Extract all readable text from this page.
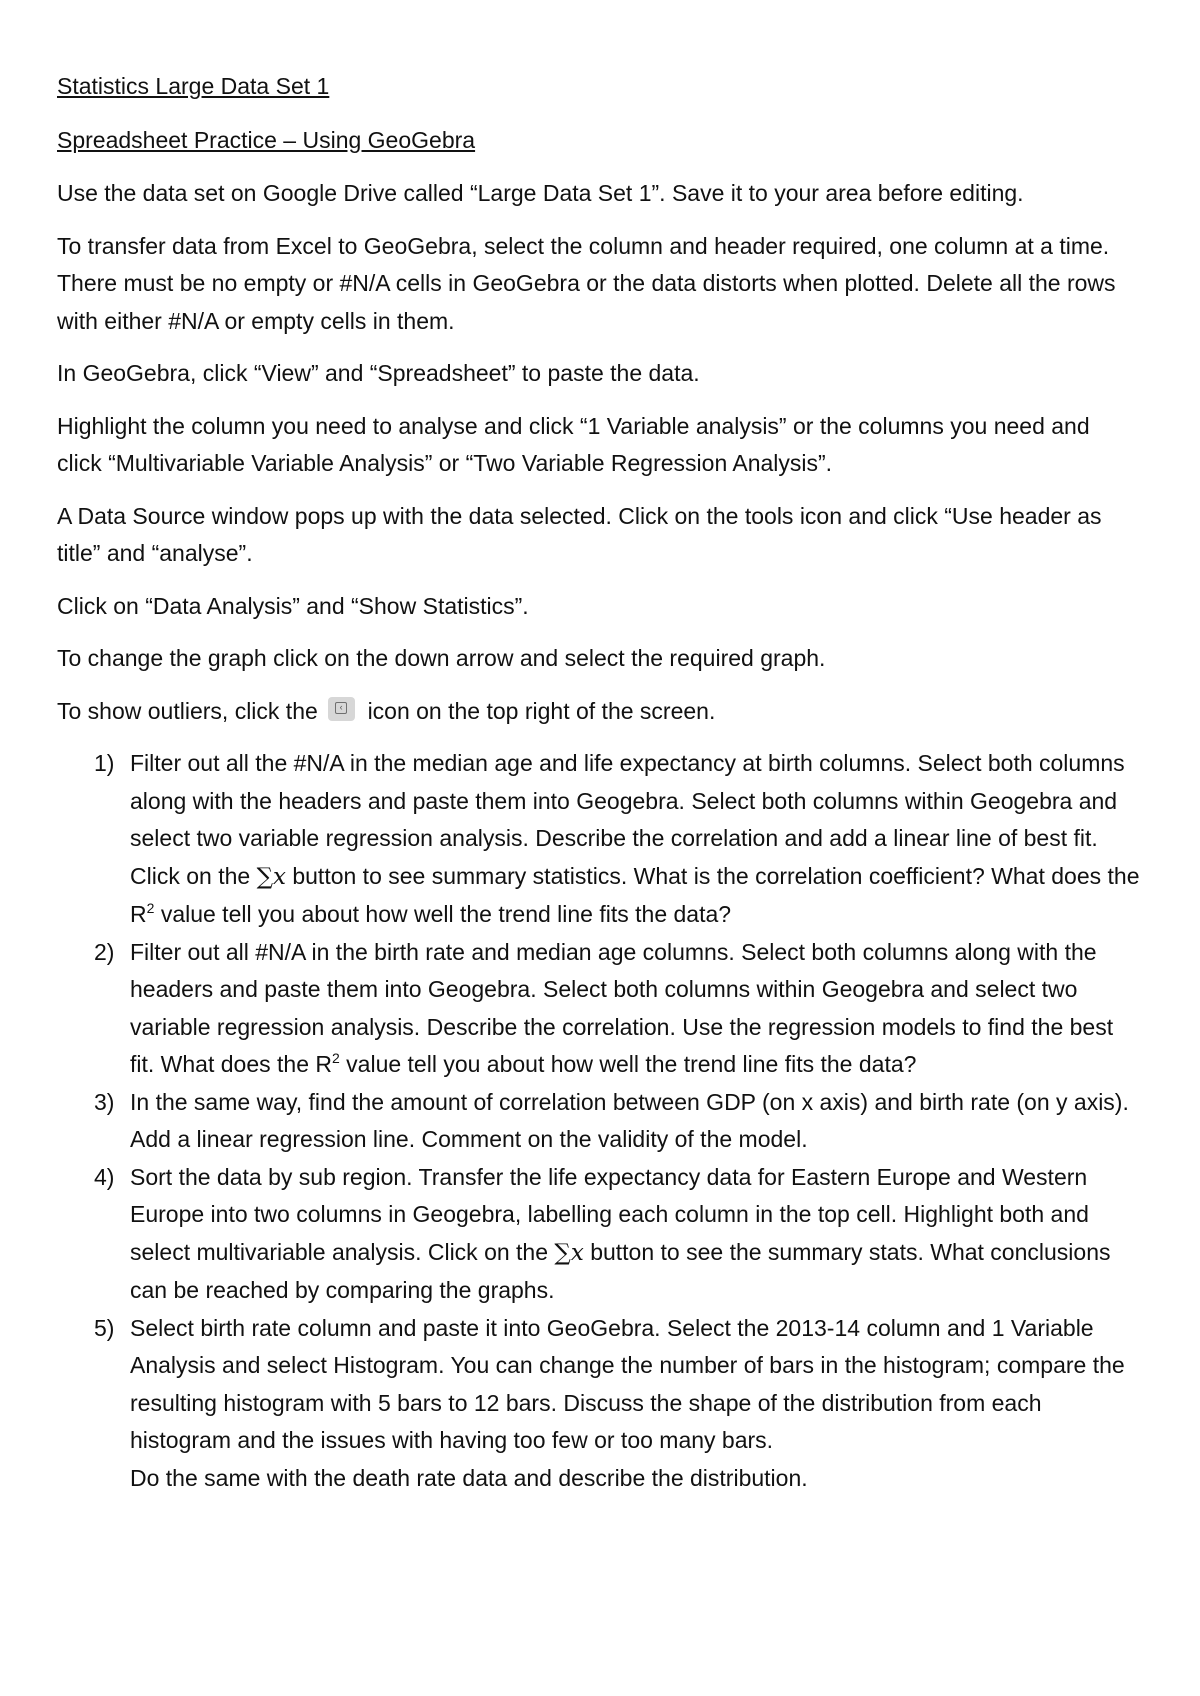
Statistics Large Data Set 1
Spreadsheet Practice – Using GeoGebra

Use the data set on Google Drive called “Large Data Set 1”. Save it to your area before editing.

To transfer data from Excel to GeoGebra, select the column and header required, one column at a time. There must be no empty or #N/A cells in GeoGebra or the data distorts when plotted. Delete all the rows with either #N/A or empty cells in them.

In GeoGebra, click “View” and “Spreadsheet” to paste the data.

Highlight the column you need to analyse and click “1 Variable analysis” or the columns you need and click “Multivariable Variable Analysis” or “Two Variable Regression Analysis”.

A Data Source window pops up with the data selected. Click on the tools icon and click “Use header as title” and “analyse”.

Click on “Data Analysis” and “Show Statistics”.

To change the graph click on the down arrow and select the required graph.

To show outliers, click the	‹ icon on the top right of the screen.

1) Filter out all the #N/A in the median age and life expectancy at birth columns. Select both columns along with the headers and paste them into Geogebra. Select both columns within Geogebra and select two variable regression analysis. Describe the correlation and add a linear line of best fit.
Click on the ∑x button to see summary statistics. What is the correlation coefficient? What does the $R^2$ value tell you about how well the trend line fits the data?
2) Filter out all #N/A in the birth rate and median age columns. Select both columns along with the headers and paste them into Geogebra. Select both columns within Geogebra and select two variable regression analysis. Describe the correlation. Use the regression models to find the best fit. What does the $R^2$ value tell you about how well the trend line fits the data?
3) In the same way, find the amount of correlation between GDP (on x axis) and birth rate (on y axis). Add a linear regression line. Comment on the validity of the model.
4) Sort the data by sub region. Transfer the life expectancy data for Eastern Europe and Western Europe into two columns in Geogebra, labelling each column in the top cell. Highlight both and select multivariable analysis. Click on the ∑x button to see the summary stats. What conclusions can be reached by comparing the graphs.
5) Select birth rate column and paste it into GeoGebra. Select the 2013-14 column and 1 Variable Analysis and select Histogram. You can change the number of bars in the histogram; compare the resulting histogram with 5 bars to 12 bars. Discuss the shape of the distribution from each histogram and the issues with having too few or too many bars.
Do the same with the death rate data and describe the distribution.
